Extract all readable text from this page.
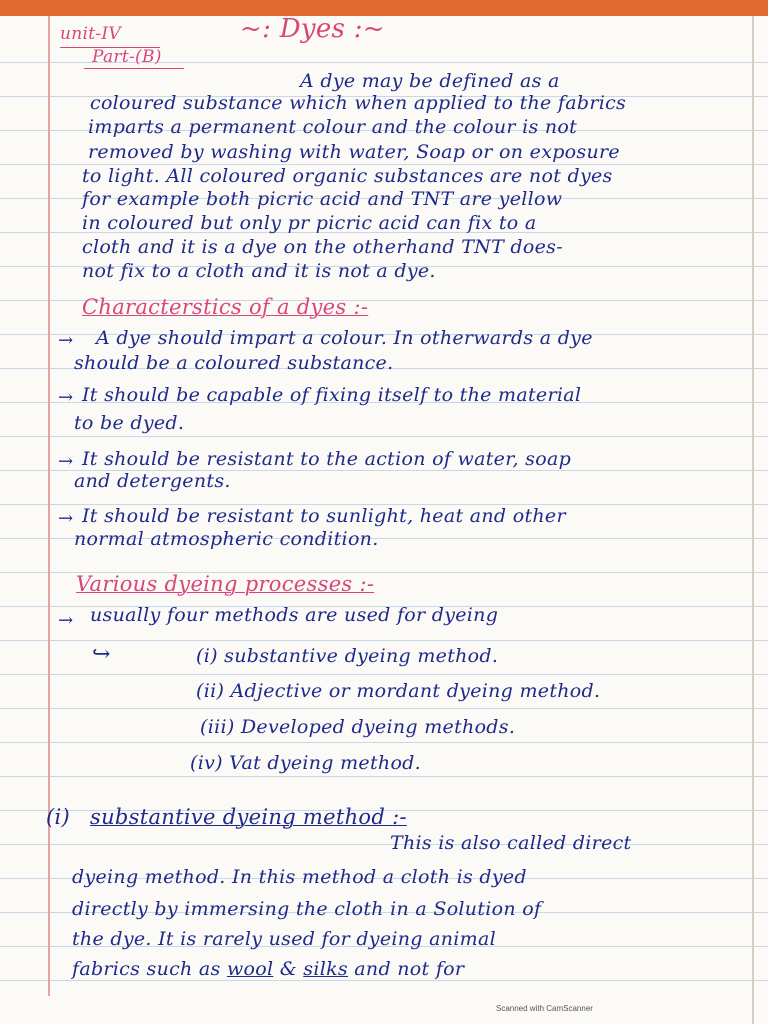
unit-IV
Part-(B)
~: Dyes :~
A dye may be defined as a
coloured substance which when applied to the fabrics
imparts a permanent colour and the colour is not
removed by washing with water, Soap or on exposure
to light. All coloured organic substances are not dyes
for example both picric acid and TNT are yellow
in coloured but only pr picric acid can fix to a
cloth and it is a dye on the otherhand TNT does-
not fix to a cloth and it is not a dye.
Characterstics of a dyes :-
→ A dye should impart a colour. In otherwards a dye
should be a coloured substance.
→ It should be capable of fixing itself to the material
to be dyed.
→ It should be resistant to the action of water, soap
and detergents.
→ It should be resistant to sunlight, heat and other
normal atmospheric condition.
Various dyeing processes :-
→ usually four methods are used for dyeing
↪	(i) substantive dyeing method.
(ii) Adjective or mordant dyeing method.
(iii) Developed dyeing methods.
(iv) Vat dyeing method.
(i) substantive dyeing method :-
This is also called direct
dyeing method. In this method a cloth is dyed
directly by immersing the cloth in a Solution of
the dye. It is rarely used for dyeing animal
fabrics such as wool & silks and not for
Scanned with CamScanner
